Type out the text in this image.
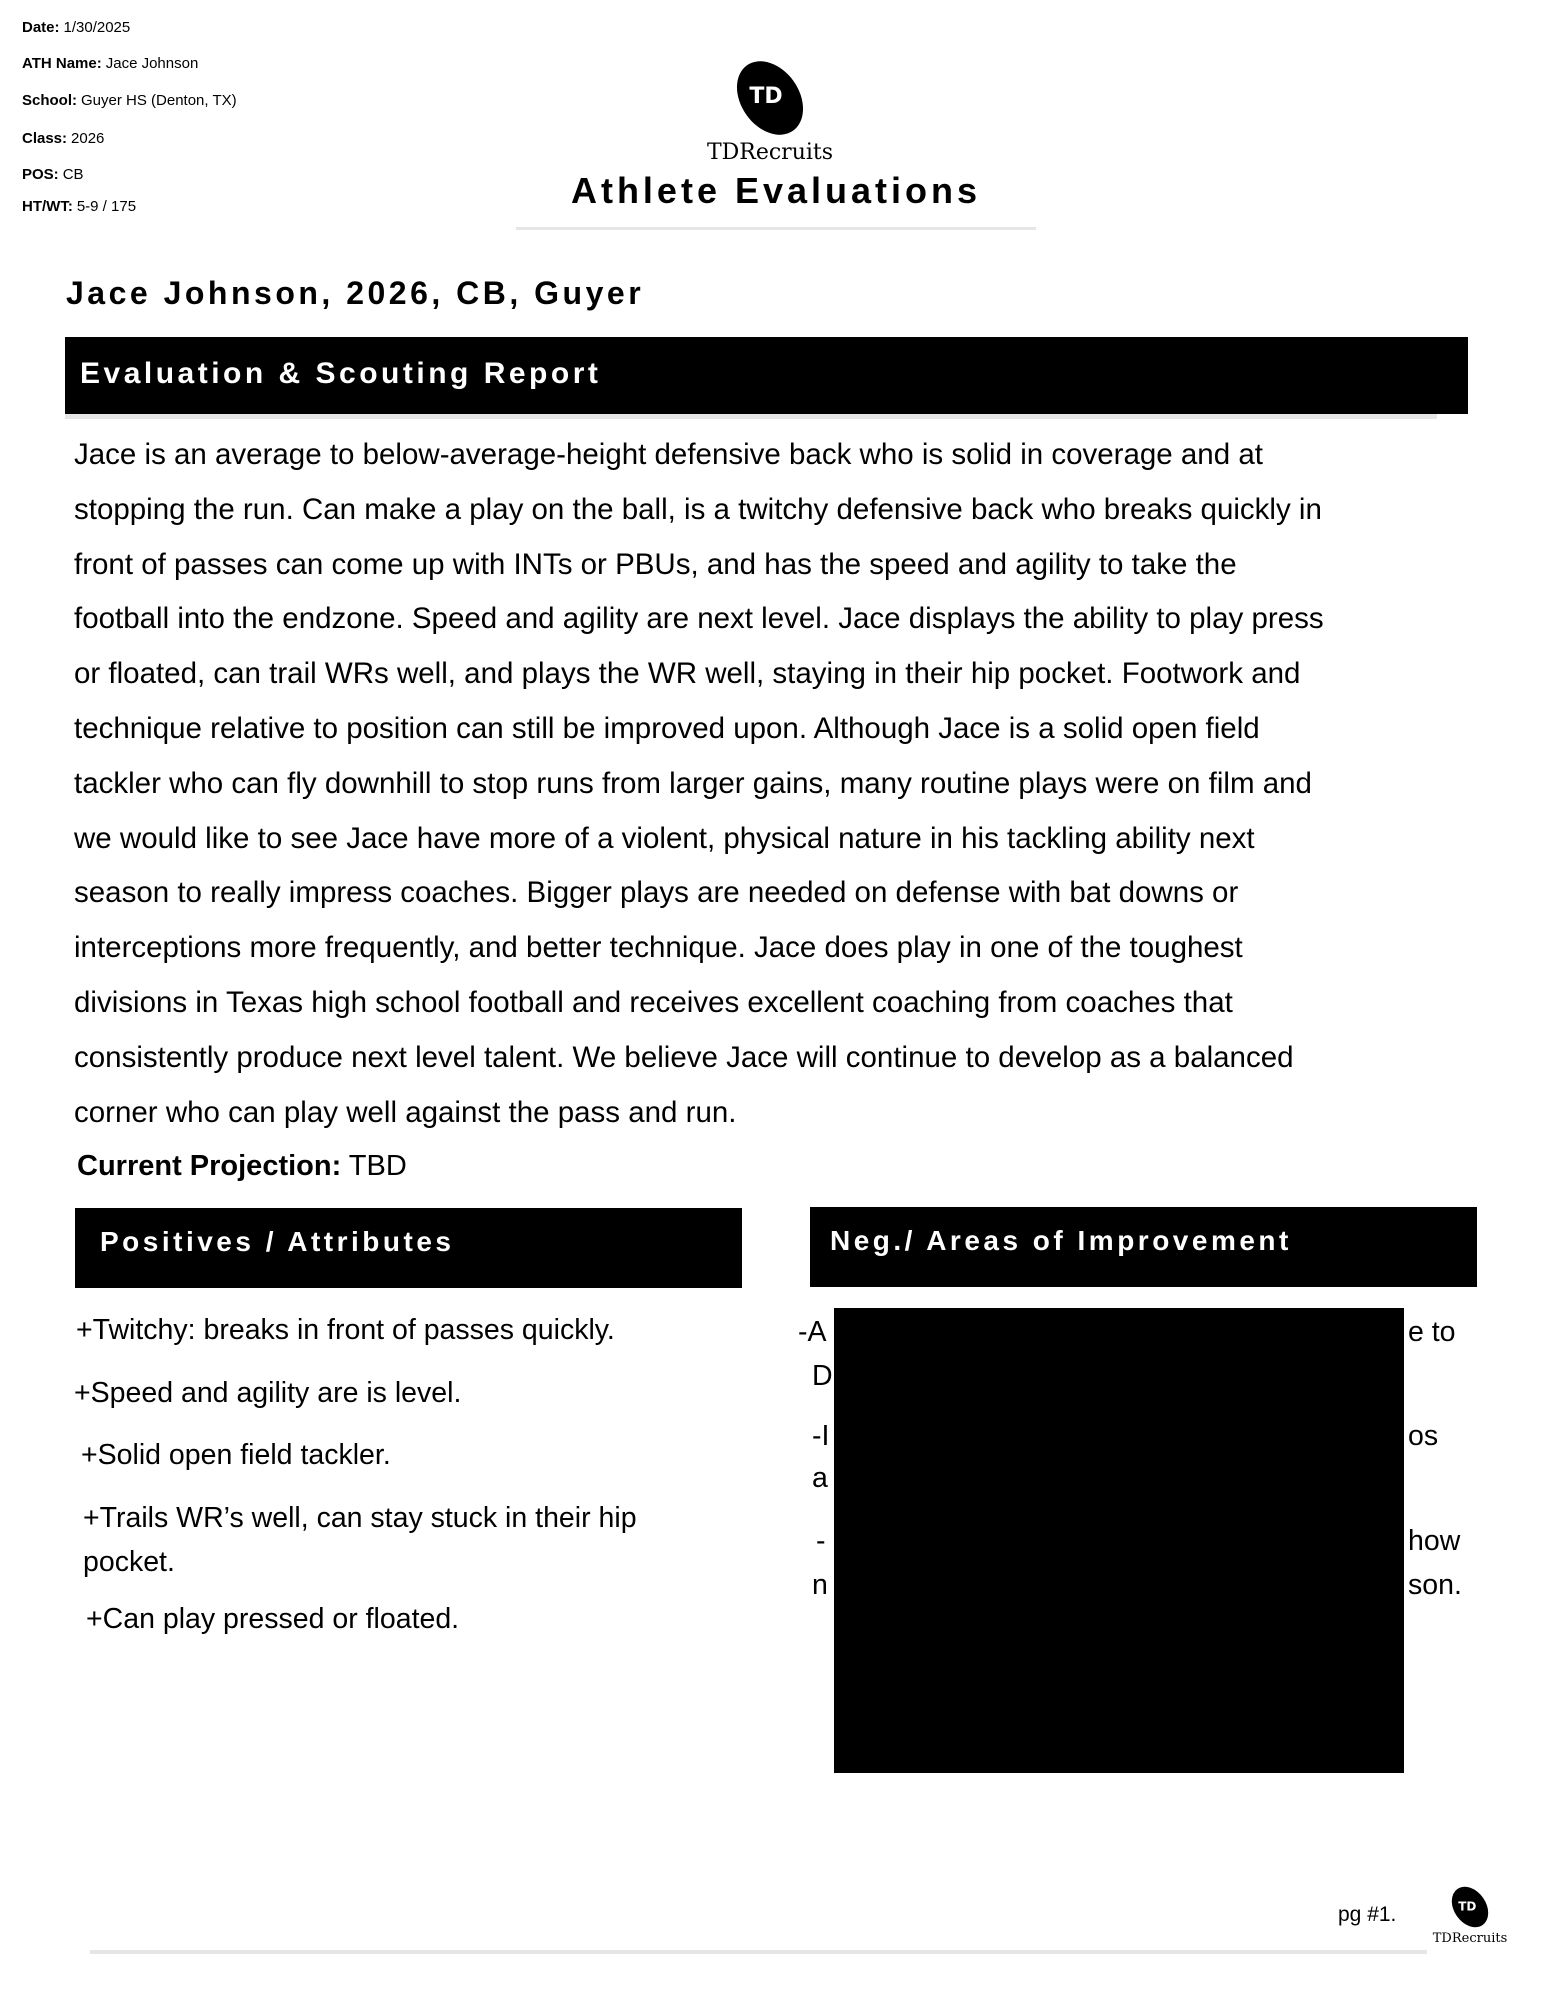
Date: 1/30/2025
ATH Name: Jace Johnson
School: Guyer HS (Denton, TX)
Class: 2026
POS: CB
HT/WT: 5-9 / 175
TD
TDRecruits
Athlete Evaluations
Jace Johnson, 2026, CB, Guyer
Evaluation & Scouting Report
Jace is an average to below-average-height defensive back who is solid in coverage and at
stopping the run. Can make a play on the ball, is a twitchy defensive back who breaks quickly in
front of passes can come up with INTs or PBUs, and has the speed and agility to take the
football into the endzone. Speed and agility are next level. Jace displays the ability to play press
or floated, can trail WRs well, and plays the WR well, staying in their hip pocket. Footwork and
technique relative to position can still be improved upon. Although Jace is a solid open field
tackler who can fly downhill to stop runs from larger gains, many routine plays were on film and
we would like to see Jace have more of a violent, physical nature in his tackling ability next
season to really impress coaches. Bigger plays are needed on defense with bat downs or
interceptions more frequently, and better technique. Jace does play in one of the toughest
divisions in Texas high school football and receives excellent coaching from coaches that
consistently produce next level talent. We believe Jace will continue to develop as a balanced
corner who can play well against the pass and run.
Current Projection: TBD
Positives / Attributes	Neg./ Areas of Improvement
+Twitchy: breaks in front of passes quickly.
+Speed and agility are is level.
+Solid open field tackler.
+Trails WR’s well, can stay stuck in their hip pocket.
+Can play pressed or floated.
-A	e to
D
-I	os
a
-	how
n	son.
pg #1.	TD
TDRecruits
